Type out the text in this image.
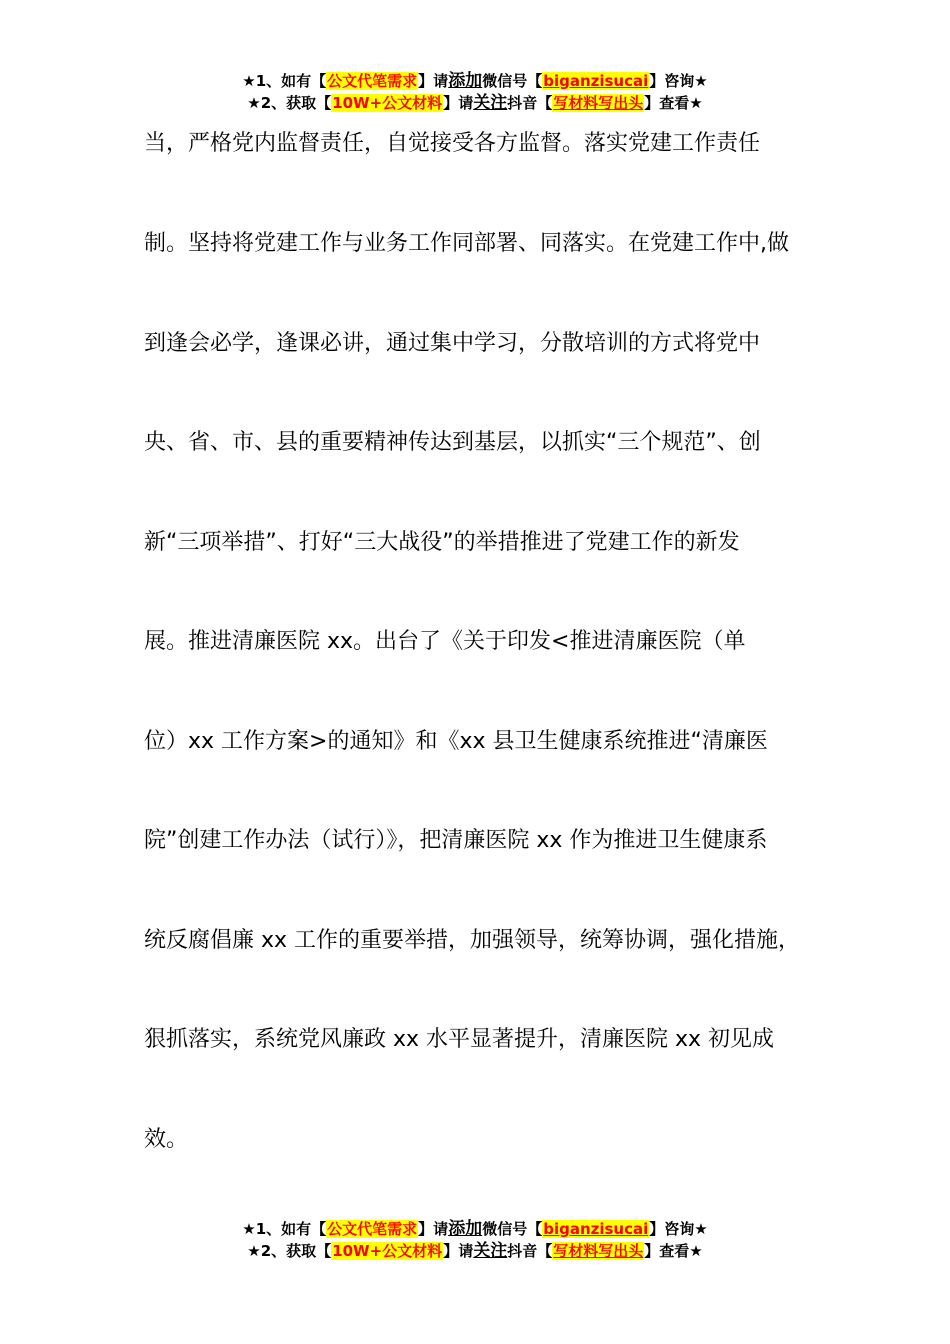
★1、如有【公文代笔需求】请添加微信号【biganzisucai】咨询★
★2、获取【10W+公文材料】请关注抖音【写材料写出头】查看★
当，严格党内监督责任，自觉接受各方监督。落实党建工作责任
制。坚持将党建工作与业务工作同部署、同落实。在党建工作中,做
到逢会必学，逢课必讲，通过集中学习，分散培训的方式将党中
央、省、市、县的重要精神传达到基层，以抓实“三个规范”、创
新“三项举措”、打好“三大战役”的举措推进了党建工作的新发
展。推进清廉医院 xx。出台了《关于印发<推进清廉医院（单
位）xx 工作方案>的通知》和《xx 县卫生健康系统推进“清廉医
院”创建工作办法（试行）》，把清廉医院 xx 作为推进卫生健康系
统反腐倡廉 xx 工作的重要举措，加强领导，统筹协调，强化措施，
狠抓落实，系统党风廉政 xx 水平显著提升，清廉医院 xx 初见成
效。
★1、如有【公文代笔需求】请添加微信号【biganzisucai】咨询★
★2、获取【10W+公文材料】请关注抖音【写材料写出头】查看★
